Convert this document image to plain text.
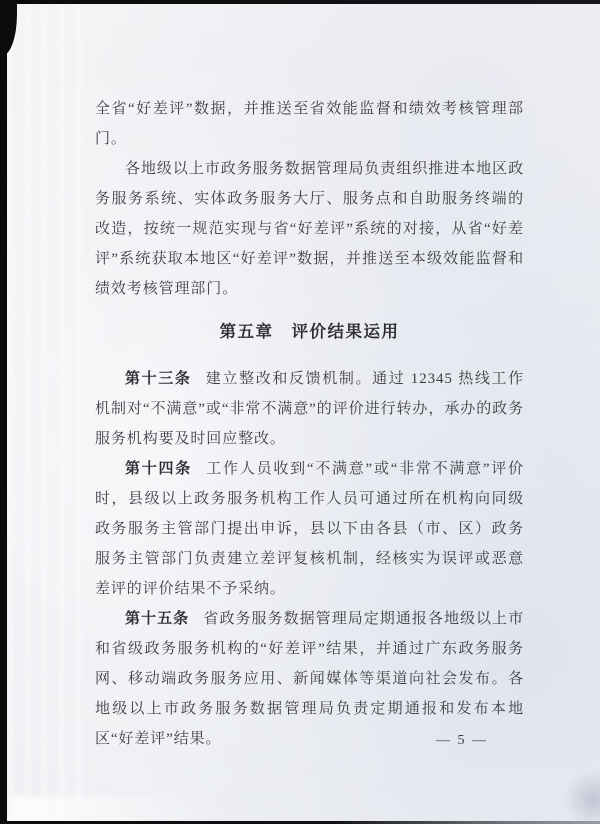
全省“好差评”数据，并推送至省效能监督和绩效考核管理部门。

各地级以上市政务服务数据管理局负责组织推进本地区政务服务系统、实体政务服务大厅、服务点和自助服务终端的改造，按统一规范实现与省“好差评”系统的对接，从省“好差评”系统获取本地区“好差评”数据，并推送至本级效能监督和绩效考核管理部门。

第五章　评价结果运用

第十三条 建立整改和反馈机制。通过 12345 热线工作机制对“不满意”或“非常不满意”的评价进行转办，承办的政务服务机构要及时回应整改。

第十四条 工作人员收到“不满意”或“非常不满意”评价时，县级以上政务服务机构工作人员可通过所在机构向同级政务服务主管部门提出申诉，县以下由各县（市、区）政务服务主管部门负责建立差评复核机制，经核实为误评或恶意差评的评价结果不予采纳。

第十五条 省政务服务数据管理局定期通报各地级以上市和省级政务服务机构的“好差评”结果，并通过广东政务服务网、移动端政务服务应用、新闻媒体等渠道向社会发布。各地级以上市政务服务数据管理局负责定期通报和发布本地区“好差评”结果。	— 5 —
